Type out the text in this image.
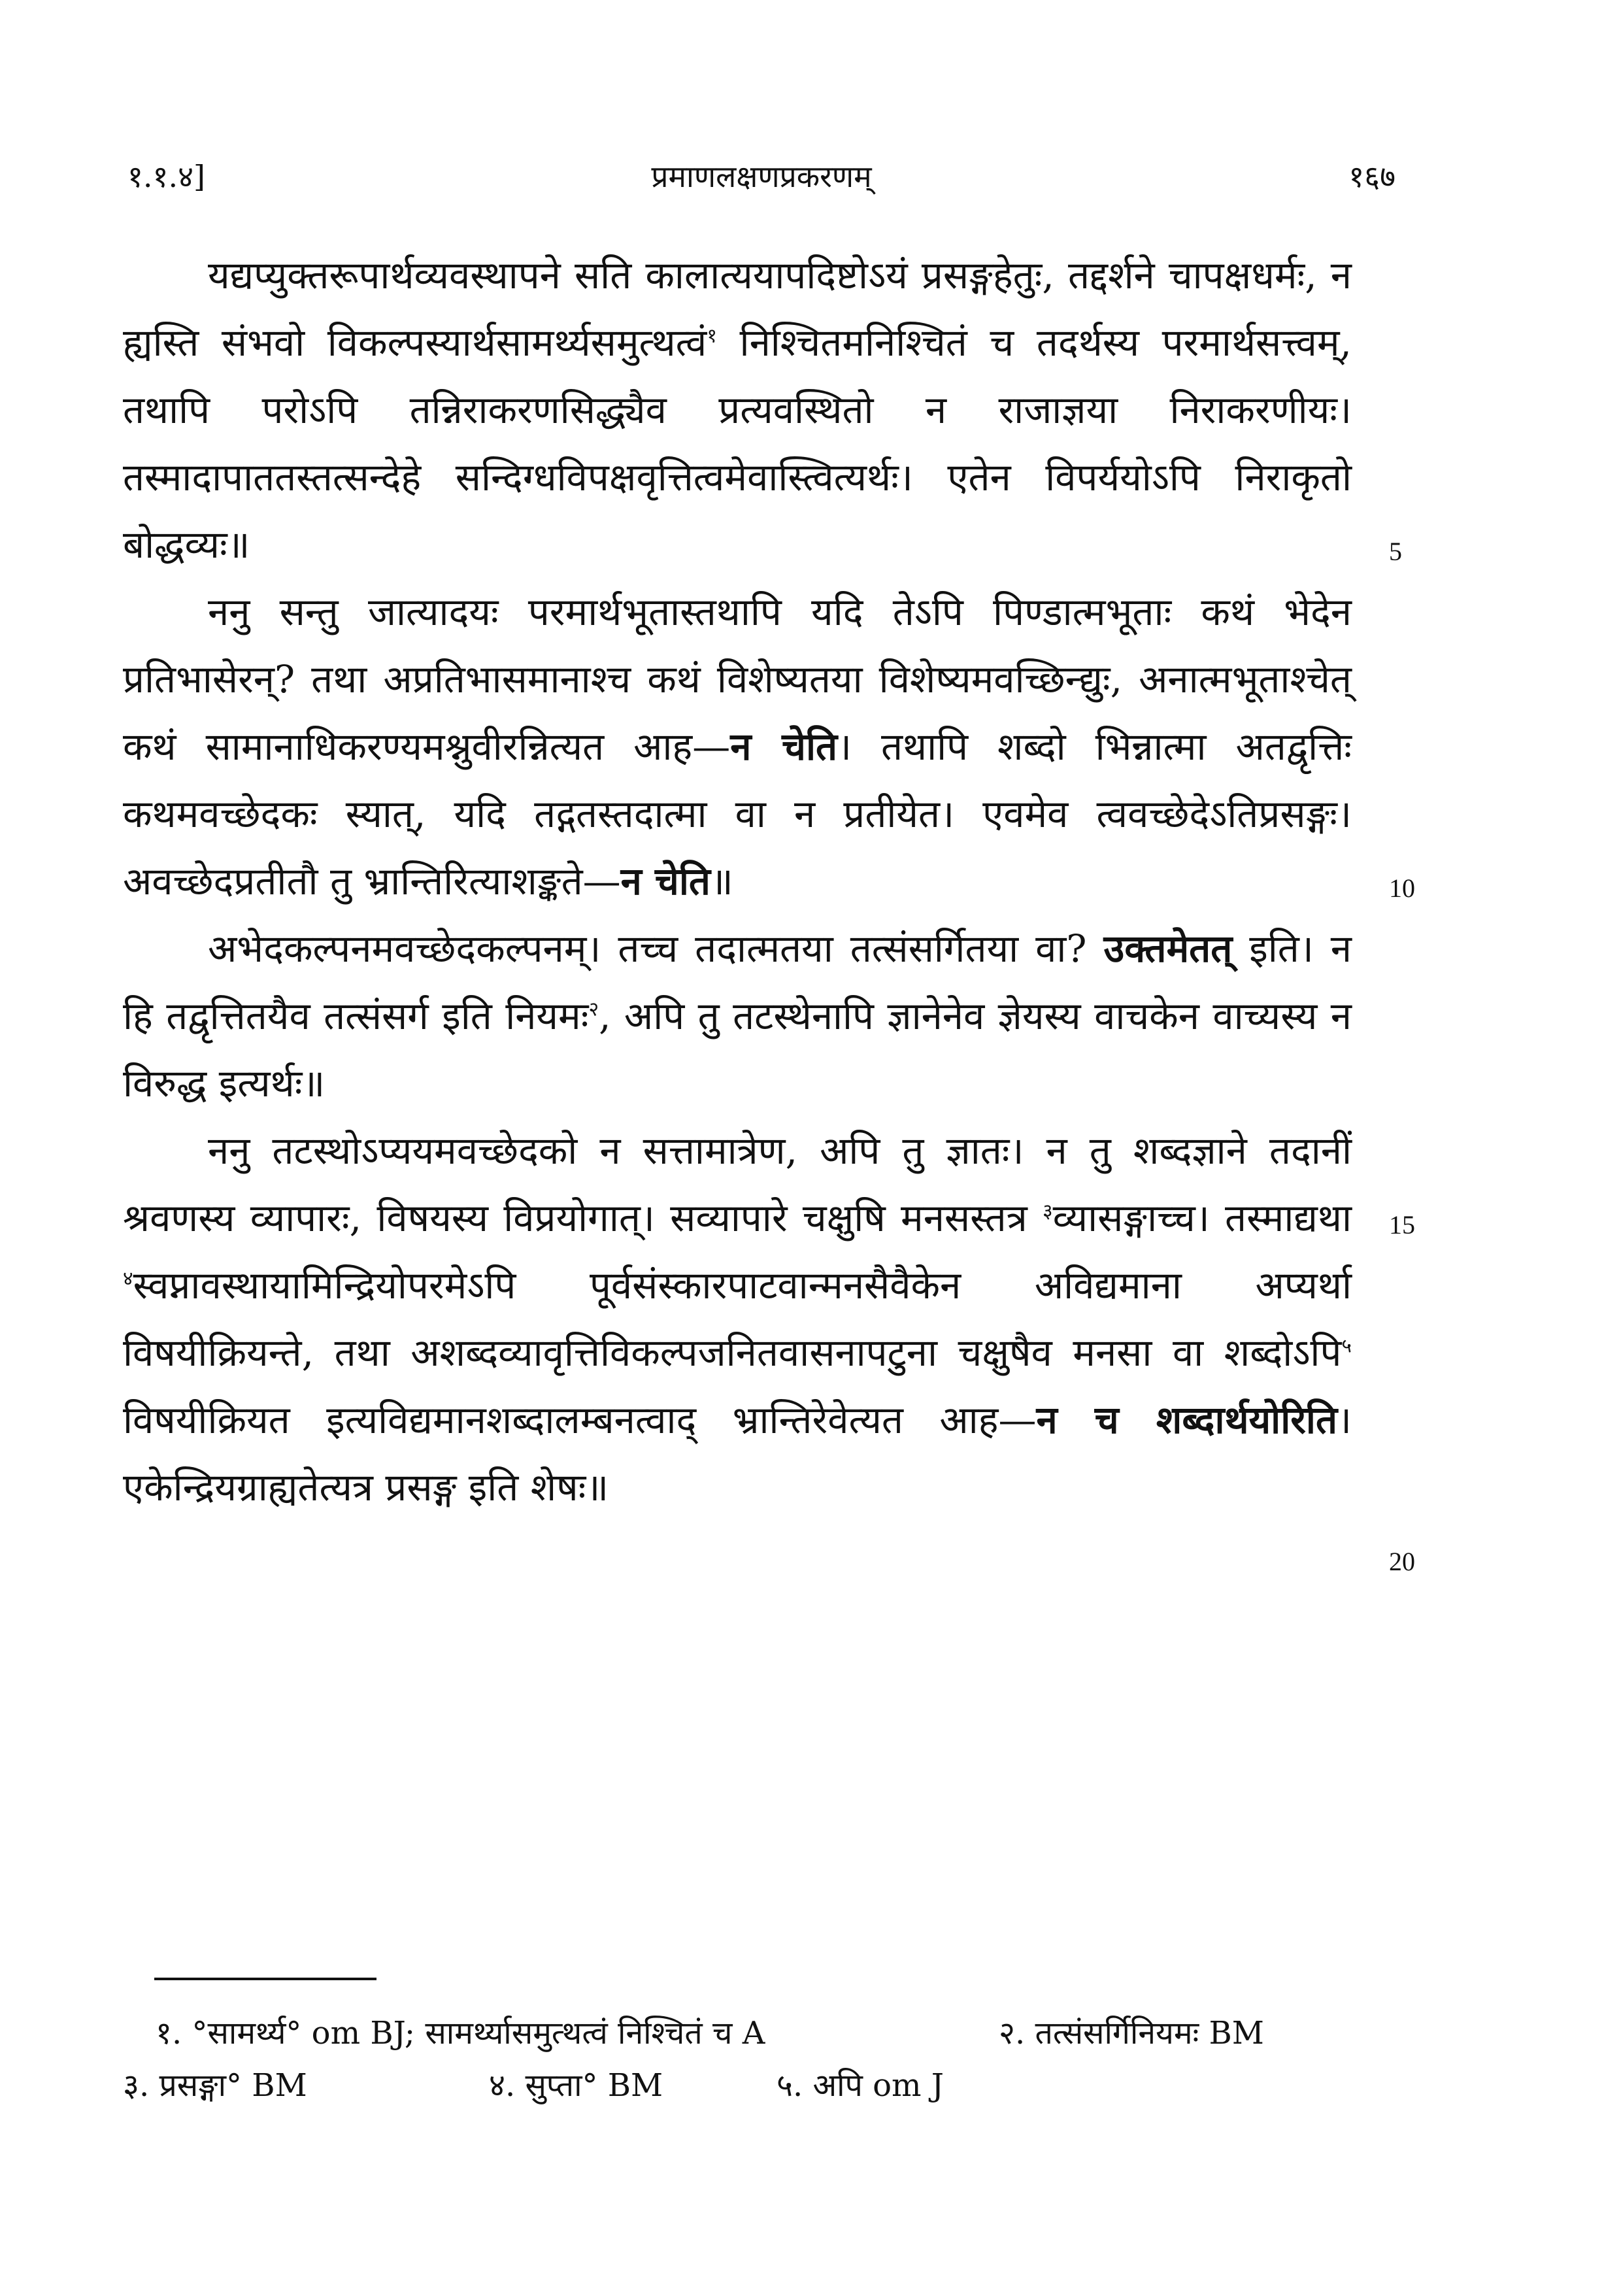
१.१.४]	प्रमाणलक्षणप्रकरणम्	१६७

यद्यप्युक्तरूपार्थव्यवस्थापने सति कालात्ययापदिष्टोऽयं प्रसङ्गहेतुः, तद्दर्शने चापक्षधर्मः, न ह्यस्ति संभवो विकल्पस्यार्थसामर्थ्यसमुत्थत्वं$^१$ निश्चितमनिश्चितं च तदर्थस्य परमार्थसत्त्वम्, तथापि परोऽपि तन्निराकरणसिद्ध्यैव प्रत्यवस्थितो न राजाज्ञया निराकरणीयः। तस्मादापाततस्तत्सन्देहे सन्दिग्धविपक्षवृत्तित्वमेवास्त्वित्यर्थः। एतेन विपर्ययोऽपि निराकृतो बोद्धव्यः॥

ननु सन्तु जात्यादयः परमार्थभूतास्तथापि यदि तेऽपि पिण्डात्मभूताः कथं भेदेन प्रतिभासेरन्? तथा अप्रतिभासमानाश्च कथं विशेष्यतया विशेष्यमवच्छिन्द्युः, अनात्मभूताश्चेत् कथं सामानाधिकरण्यमश्नुवीरन्नित्यत आह—न चेति। तथापि शब्दो भिन्नात्मा अतद्वृत्तिः कथमवच्छेदकः स्यात्, यदि तद्गतस्तदात्मा वा न प्रतीयेत। एवमेव त्ववच्छेदेऽतिप्रसङ्गः। अवच्छेदप्रतीतौ तु भ्रान्तिरित्याशङ्कते—न चेति॥

अभेदकल्पनमवच्छेदकल्पनम्। तच्च तदात्मतया तत्संसर्गितया वा? उक्तमेतत् इति। न हि तद्वृत्तितयैव तत्संसर्ग इति नियमः$^२$, अपि तु तटस्थेनापि ज्ञानेनेव ज्ञेयस्य वाचकेन वाच्यस्य न विरुद्ध इत्यर्थः॥

ननु तटस्थोऽप्ययमवच्छेदको न सत्तामात्रेण, अपि तु ज्ञातः। न तु शब्दज्ञाने तदानीं श्रवणस्य व्यापारः, विषयस्य विप्रयोगात्। सव्यापारे चक्षुषि मनसस्तत्र $^३$व्यासङ्गाच्च। तस्माद्यथा $^४$स्वप्नावस्थायामिन्द्रियोपरमेऽपि पूर्वसंस्कारपाटवान्मनसैवैकेन अविद्यमाना अप्यर्था विषयीक्रियन्ते, तथा अशब्दव्यावृत्तिविकल्पजनितवासनापटुना चक्षुषैव मनसा वा शब्दोऽपि$^५$ विषयीक्रियत इत्यविद्यमानशब्दालम्बनत्वाद् भ्रान्तिरेवेत्यत आह—न च शब्दार्थयोरिति। एकेन्द्रियग्राह्यतेत्यत्र प्रसङ्ग इति शेषः॥

5
10
15
20
१. °सामर्थ्य° om BJ; सामर्थ्यासमुत्थत्वं निश्चितं च A	२. तत्संसर्गिनियमः BM
३. प्रसङ्गा° BM	४. सुप्ता° BM	५. अपि om J
